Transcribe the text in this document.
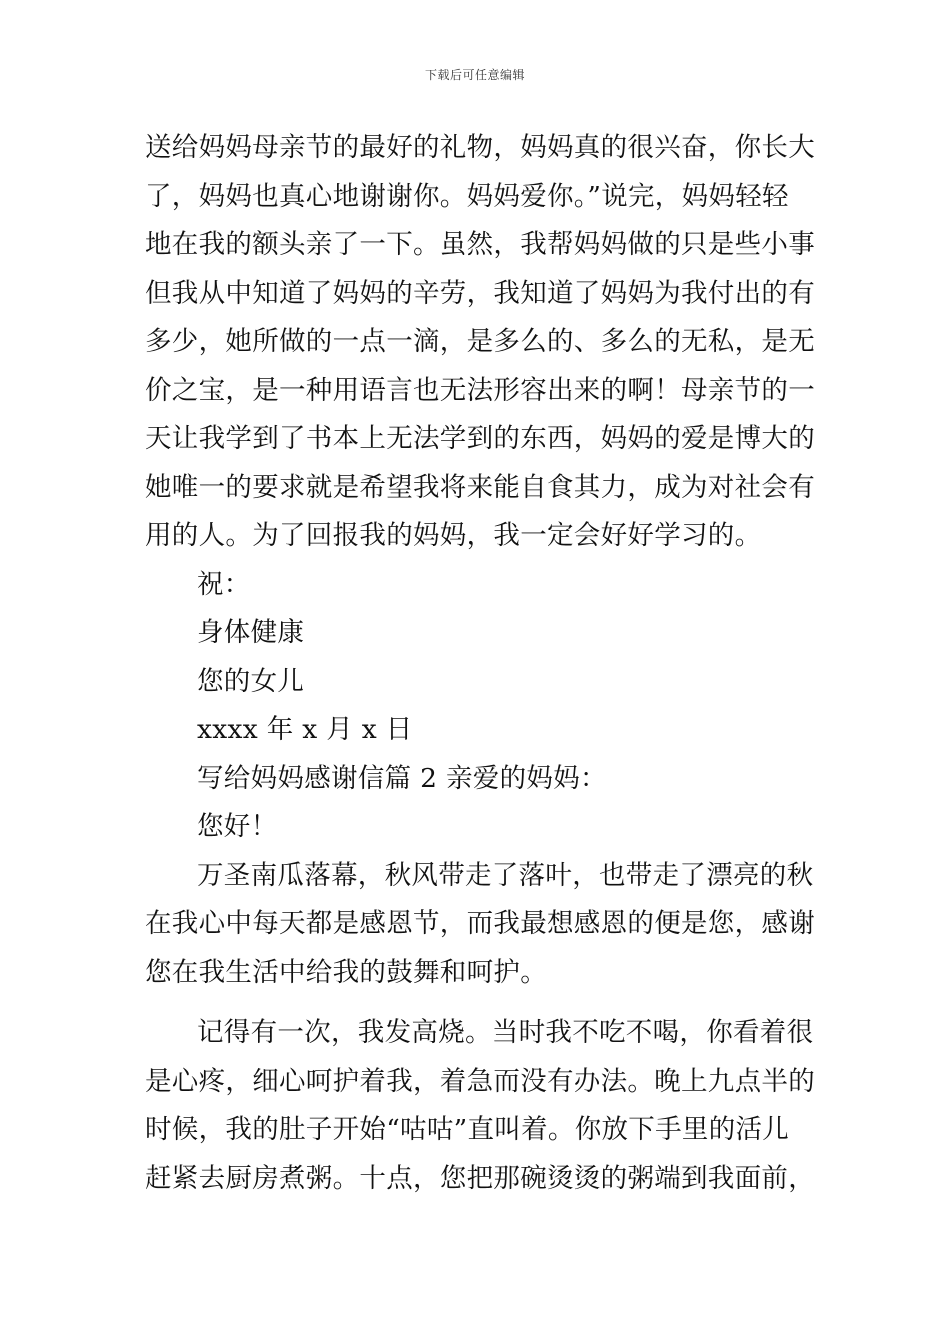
下载后可任意编辑
送给妈妈母亲节的最好的礼物，妈妈真的很兴奋，你长大
了，妈妈也真心地谢谢你。妈妈爱你。”说完，妈妈轻轻
地在我的额头亲了一下。虽然，我帮妈妈做的只是些小事
但我从中知道了妈妈的辛劳，我知道了妈妈为我付出的有
多少，她所做的一点一滴，是多么的、多么的无私，是无
价之宝，是一种用语言也无法形容出来的啊！母亲节的一
天让我学到了书本上无法学到的东西，妈妈的爱是博大的
她唯一的要求就是希望我将来能自食其力，成为对社会有
用的人。为了回报我的妈妈，我一定会好好学习的。
祝：
身体健康
您的女儿
xxxx 年 x 月 x 日
写给妈妈感谢信篇 2 亲爱的妈妈：
您好！
万圣南瓜落幕，秋风带走了落叶，也带走了漂亮的秋
在我心中每天都是感恩节，而我最想感恩的便是您，感谢
您在我生活中给我的鼓舞和呵护。
记得有一次，我发高烧。当时我不吃不喝，你看着很
是心疼，细心呵护着我，着急而没有办法。晚上九点半的
时候，我的肚子开始“咕咕”直叫着。你放下手里的活儿
赶紧去厨房煮粥。十点，您把那碗烫烫的粥端到我面前，
